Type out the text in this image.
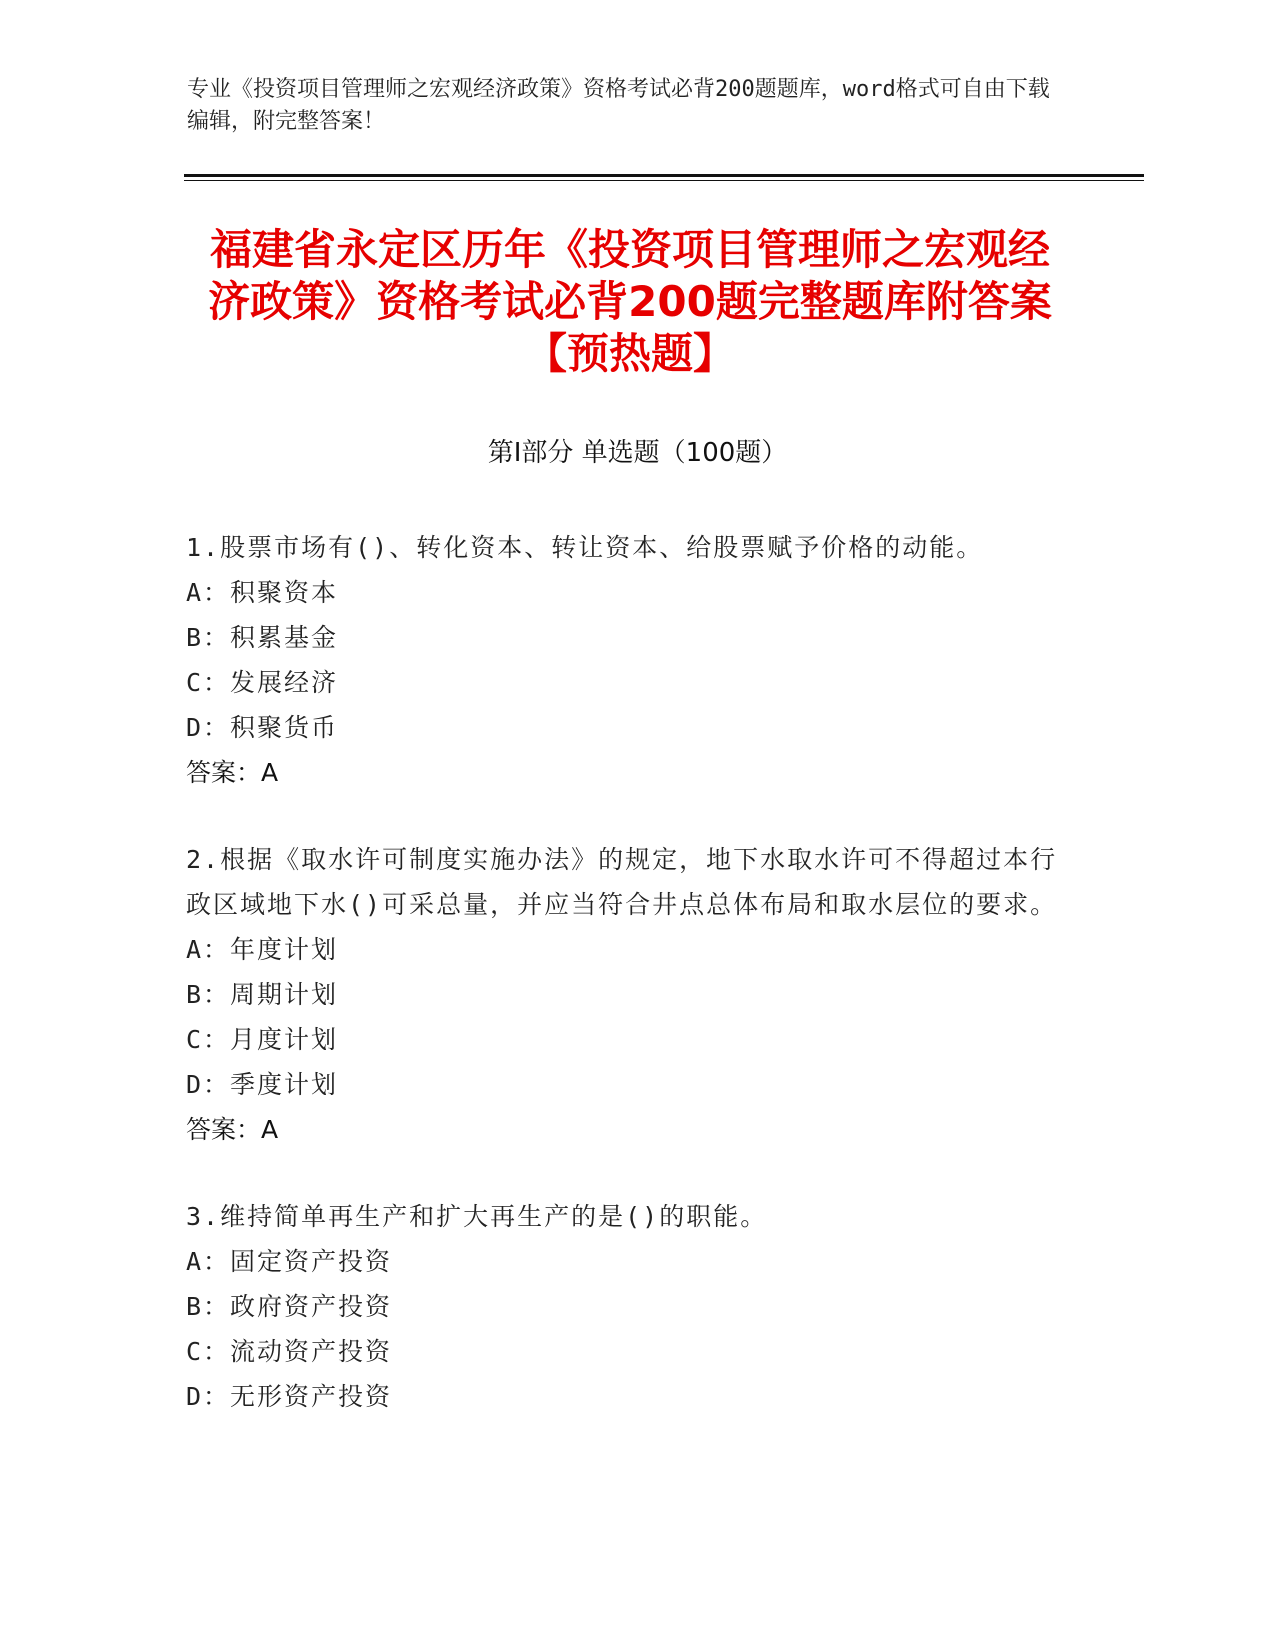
专业《投资项目管理师之宏观经济政策》资格考试必背200题题库，word格式可自由下载编辑，附完整答案！
福建省永定区历年《投资项目管理师之宏观经济政策》资格考试必背200题完整题库附答案【预热题】
第Ⅰ部分 单选题（100题）
1.股票市场有()、转化资本、转让资本、给股票赋予价格的动能。
A：积聚资本
B：积累基金
C：发展经济
D：积聚货币
答案：A
2.根据《取水许可制度实施办法》的规定，地下水取水许可不得超过本行政区域地下水()可采总量，并应当符合井点总体布局和取水层位的要求。
A：年度计划
B：周期计划
C：月度计划
D：季度计划
答案：A
3.维持简单再生产和扩大再生产的是()的职能。
A：固定资产投资
B：政府资产投资
C：流动资产投资
D：无形资产投资
